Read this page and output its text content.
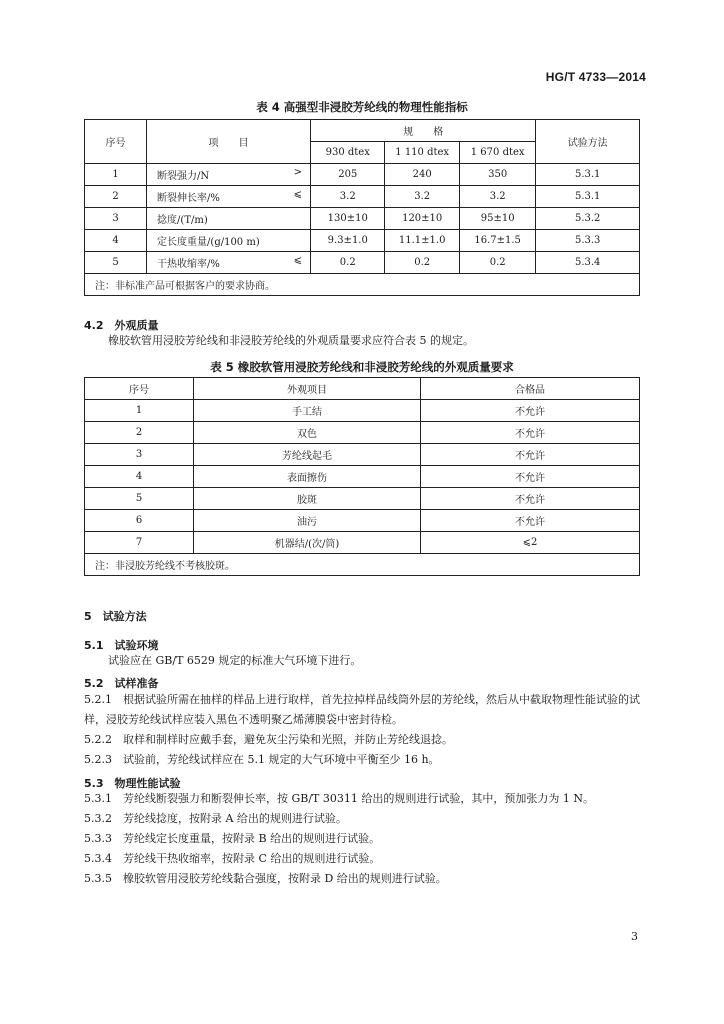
HG/T 4733—2014
表 4 高强型非浸胶芳纶线的物理性能指标
序号	项　　目	规　　格			试验方法
		930 dtex	1 110 dtex	1 670 dtex	
1	断裂强力/N >	205	240	350	5.3.1
2	断裂伸长率/% ⩽	3.2	3.2	3.2	5.3.1
3	捻度/(T/m)	130±10	120±10	95±10	5.3.2
4	定长度重量/(g/100 m)	9.3±1.0	11.1±1.0	16.7±1.5	5.3.3
5	干热收缩率/% ⩽	0.2	0.2	0.2	5.3.4
注：非标准产品可根据客户的要求协商。					
4.2　外观质量
橡胶软管用浸胶芳纶线和非浸胶芳纶线的外观质量要求应符合表 5 的规定。
表 5 橡胶软管用浸胶芳纶线和非浸胶芳纶线的外观质量要求
序号	外观项目	合格品
1	手工结	不允许
2	双色	不允许
3	芳纶线起毛	不允许
4	表面擦伤	不允许
5	胶斑	不允许
6	油污	不允许
7	机器结/(次/筒)	⩽2
注：非浸胶芳纶线不考核胶斑。		
5　试验方法
5.1　试验环境
试验应在 GB/T 6529 规定的标准大气环境下进行。
5.2　试样准备
5.2.1　根据试验所需在抽样的样品上进行取样，首先拉掉样品线筒外层的芳纶线，然后从中截取物理性能试验的试样，浸胶芳纶线试样应装入黑色不透明聚乙烯薄膜袋中密封待检。
5.2.2　取样和制样时应戴手套，避免灰尘污染和光照，并防止芳纶线退捻。
5.2.3　试验前，芳纶线试样应在 5.1 规定的大气环境中平衡至少 16 h。
5.3　物理性能试验
5.3.1　芳纶线断裂强力和断裂伸长率，按 GB/T 30311 给出的规则进行试验，其中，预加张力为 1 N。
5.3.2　芳纶线捻度，按附录 A 给出的规则进行试验。
5.3.3　芳纶线定长度重量，按附录 B 给出的规则进行试验。
5.3.4　芳纶线干热收缩率，按附录 C 给出的规则进行试验。
5.3.5　橡胶软管用浸胶芳纶线黏合强度，按附录 D 给出的规则进行试验。
3
